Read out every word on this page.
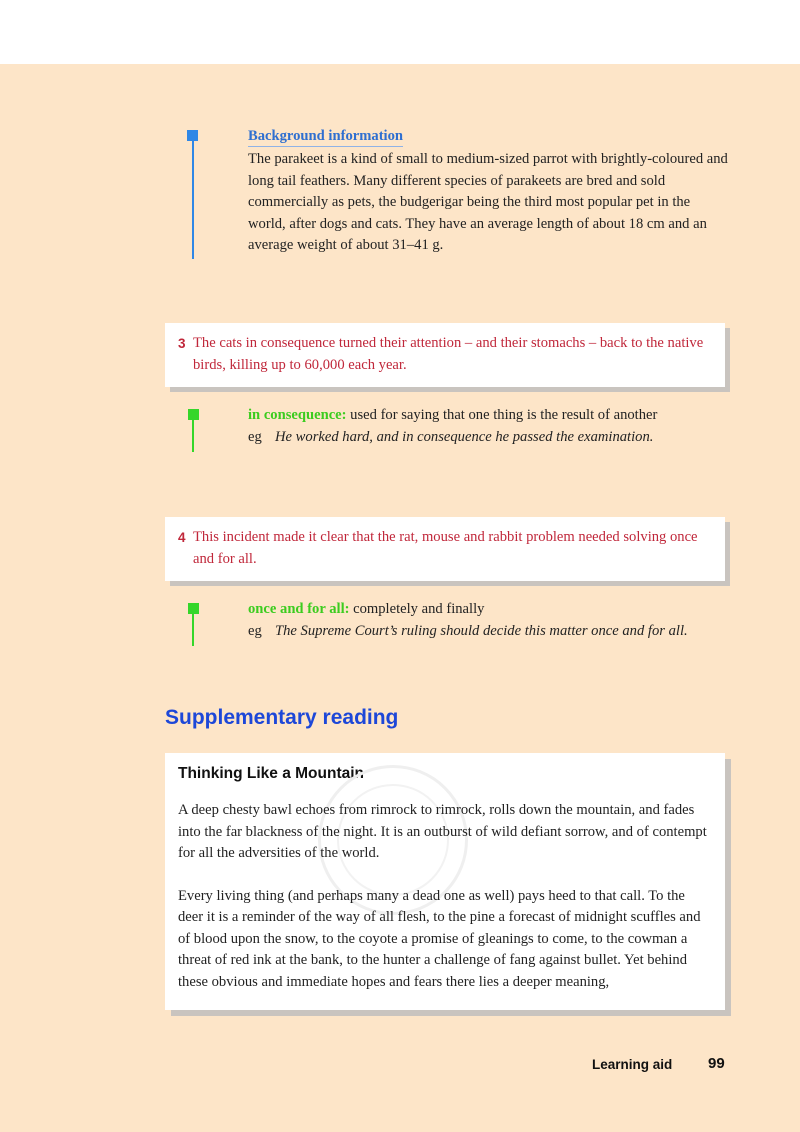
Background information
The parakeet is a kind of small to medium-sized parrot with brightly-coloured and long tail feathers. Many different species of parakeets are bred and sold commercially as pets, the budgerigar being the third most popular pet in the world, after dogs and cats. They have an average length of about 18 cm and an average weight of about 31–41 g.
3 The cats in consequence turned their attention – and their stomachs – back to the native birds, killing up to 60,000 each year.
in consequence: used for saying that one thing is the result of another
eg He worked hard, and in consequence he passed the examination.
4 This incident made it clear that the rat, mouse and rabbit problem needed solving once and for all.
once and for all: completely and finally
eg The Supreme Court’s ruling should decide this matter once and for all.
Supplementary reading
Thinking Like a Mountain

A deep chesty bawl echoes from rimrock to rimrock, rolls down the mountain, and fades into the far blackness of the night. It is an outburst of wild defiant sorrow, and of contempt for all the adversities of the world.

Every living thing (and perhaps many a dead one as well) pays heed to that call. To the deer it is a reminder of the way of all flesh, to the pine a forecast of midnight scuffles and of blood upon the snow, to the coyote a promise of gleanings to come, to the cowman a threat of red ink at the bank, to the hunter a challenge of fang against bullet. Yet behind these obvious and immediate hopes and fears there lies a deeper meaning,

Learning aid 99
